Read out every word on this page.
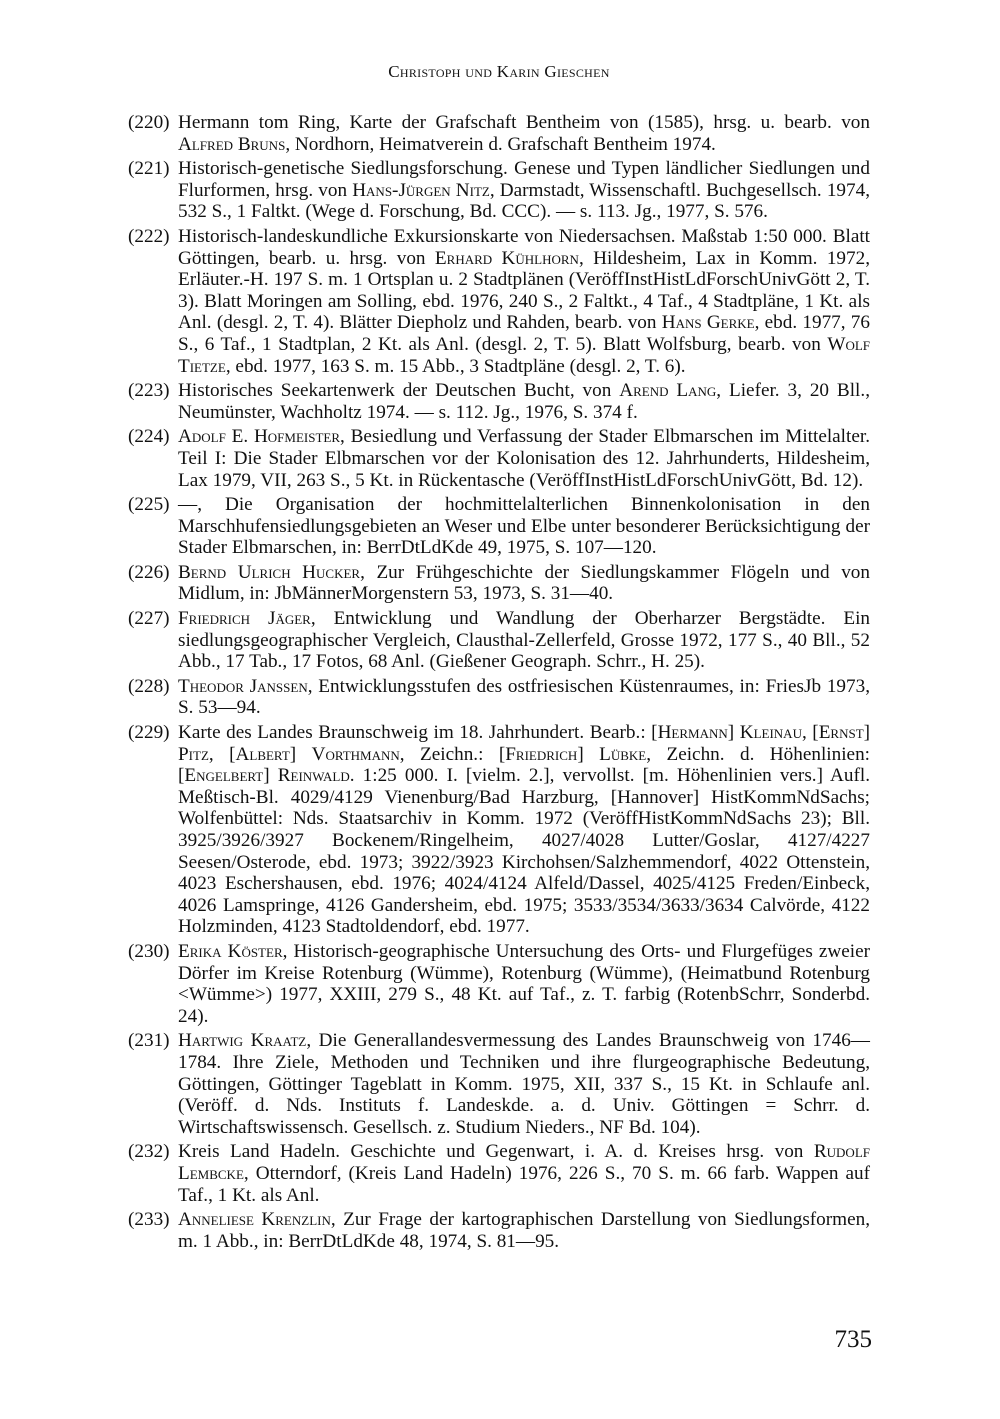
Christoph und Karin Gieschen
(220) Hermann tom Ring, Karte der Grafschaft Bentheim von (1585), hrsg. u. bearb. von Alfred Bruns, Nordhorn, Heimatverein d. Grafschaft Bentheim 1974.
(221) Historisch-genetische Siedlungsforschung. Genese und Typen ländlicher Siedlungen und Flurformen, hrsg. von Hans-Jürgen Nitz, Darmstadt, Wissenschaftl. Buchgesellsch. 1974, 532 S., 1 Faltkt. (Wege d. Forschung, Bd. CCC). — s. 113. Jg., 1977, S. 576.
(222) Historisch-landeskundliche Exkursionskarte von Niedersachsen. Maßstab 1:50 000. Blatt Göttingen, bearb. u. hrsg. von Erhard Kühlhorn, Hildesheim, Lax in Komm. 1972, Erläuter.-H. 197 S. m. 1 Ortsplan u. 2 Stadtplänen (VeröffInstHistLdForschUnivGött 2, T. 3). Blatt Moringen am Solling, ebd. 1976, 240 S., 2 Faltkt., 4 Taf., 4 Stadtpläne, 1 Kt. als Anl. (desgl. 2, T. 4). Blätter Diepholz und Rahden, bearb. von Hans Gerke, ebd. 1977, 76 S., 6 Taf., 1 Stadtplan, 2 Kt. als Anl. (desgl. 2, T. 5). Blatt Wolfsburg, bearb. von Wolf Tietze, ebd. 1977, 163 S. m. 15 Abb., 3 Stadtpläne (desgl. 2, T. 6).
(223) Historisches Seekartenwerk der Deutschen Bucht, von Arend Lang, Liefer. 3, 20 Bll., Neumünster, Wachholtz 1974. — s. 112. Jg., 1976, S. 374 f.
(224) Adolf E. Hofmeister, Besiedlung und Verfassung der Stader Elbmarschen im Mittelalter. Teil I: Die Stader Elbmarschen vor der Kolonisation des 12. Jahrhunderts, Hildesheim, Lax 1979, VII, 263 S., 5 Kt. in Rückentasche (VeröffInstHistLdForschUnivGött, Bd. 12).
(225) —, Die Organisation der hochmittelalterlichen Binnenkolonisation in den Marschhufensiedlungsgebieten an Weser und Elbe unter besonderer Berücksichtigung der Stader Elbmarschen, in: BerrDtLdKde 49, 1975, S. 107—120.
(226) Bernd Ulrich Hucker, Zur Frühgeschichte der Siedlungskammer Flögeln und von Midlum, in: JbMännerMorgenstern 53, 1973, S. 31—40.
(227) Friedrich Jäger, Entwicklung und Wandlung der Oberharzer Bergstädte. Ein siedlungsgeographischer Vergleich, Clausthal-Zellerfeld, Grosse 1972, 177 S., 40 Bll., 52 Abb., 17 Tab., 17 Fotos, 68 Anl. (Gießener Geograph. Schrr., H. 25).
(228) Theodor Janssen, Entwicklungsstufen des ostfriesischen Küstenraumes, in: FriesJb 1973, S. 53—94.
(229) Karte des Landes Braunschweig im 18. Jahrhundert. Bearb.: [Hermann] Kleinau, [Ernst] Pitz, [Albert] Vorthmann, Zeichn.: [Friedrich] Lübke, Zeichn. d. Höhenlinien: [Engelbert] Reinwald. 1:25 000. I. [vielm. 2.], vervollst. [m. Höhenlinien vers.] Aufl. Meßtisch-Bl. 4029/4129 Vienenburg/Bad Harzburg, [Hannover] HistKommNdSachs; Wolfenbüttel: Nds. Staatsarchiv in Komm. 1972 (VeröffHistKommNdSachs 23); Bll. 3925/3926/3927 Bockenem/Ringelheim, 4027/4028 Lutter/Goslar, 4127/4227 Seesen/Osterode, ebd. 1973; 3922/3923 Kirchohsen/Salzhemmendorf, 4022 Ottenstein, 4023 Eschershausen, ebd. 1976; 4024/4124 Alfeld/Dassel, 4025/4125 Freden/Einbeck, 4026 Lamspringe, 4126 Gandersheim, ebd. 1975; 3533/3534/3633/3634 Calvörde, 4122 Holzminden, 4123 Stadtoldendorf, ebd. 1977.
(230) Erika Köster, Historisch-geographische Untersuchung des Orts- und Flurgefüges zweier Dörfer im Kreise Rotenburg (Wümme), Rotenburg (Wümme), (Heimatbund Rotenburg <Wümme>) 1977, XXIII, 279 S., 48 Kt. auf Taf., z. T. farbig (RotenbSchrr, Sonderbd. 24).
(231) Hartwig Kraatz, Die Generallandesvermessung des Landes Braunschweig von 1746—1784. Ihre Ziele, Methoden und Techniken und ihre flurgeographische Bedeutung, Göttingen, Göttinger Tageblatt in Komm. 1975, XII, 337 S., 15 Kt. in Schlaufe anl. (Veröff. d. Nds. Instituts f. Landeskde. a. d. Univ. Göttingen = Schrr. d. Wirtschaftswissensch. Gesellsch. z. Studium Nieders., NF Bd. 104).
(232) Kreis Land Hadeln. Geschichte und Gegenwart, i. A. d. Kreises hrsg. von Rudolf Lembcke, Otterndorf, (Kreis Land Hadeln) 1976, 226 S., 70 S. m. 66 farb. Wappen auf Taf., 1 Kt. als Anl.
(233) Anneliese Krenzlin, Zur Frage der kartographischen Darstellung von Siedlungsformen, m. 1 Abb., in: BerrDtLdKde 48, 1974, S. 81—95.
735
